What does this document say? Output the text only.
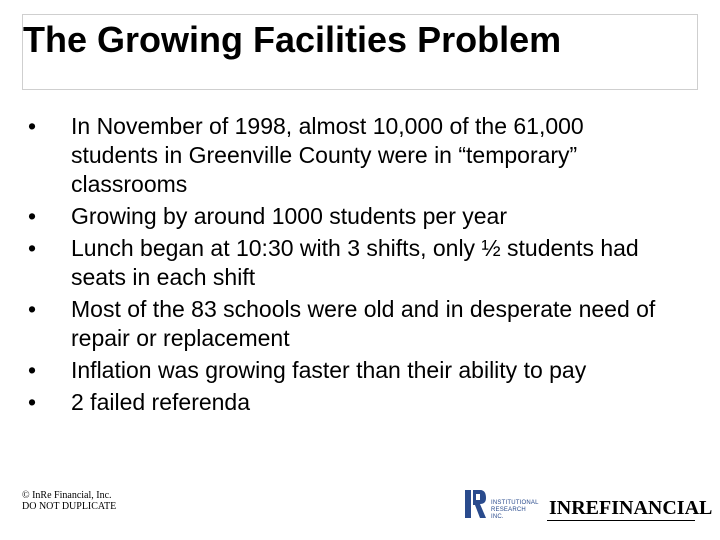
The Growing Facilities Problem
• In November of 1998, almost 10,000 of the 61,000 students in Greenville County were in “temporary” classrooms
• Growing by around 1000 students per year
• Lunch began at 10:30 with 3 shifts, only ½ students had seats in each shift
• Most of the 83 schools were old and in desperate need of repair or replacement
• Inflation was growing faster than their ability to pay
• 2 failed referenda
© InRe Financial, Inc.
DO NOT DUPLICATE	INSTITUTIONAL RESEARCH INC.	INREFINANCIAL
